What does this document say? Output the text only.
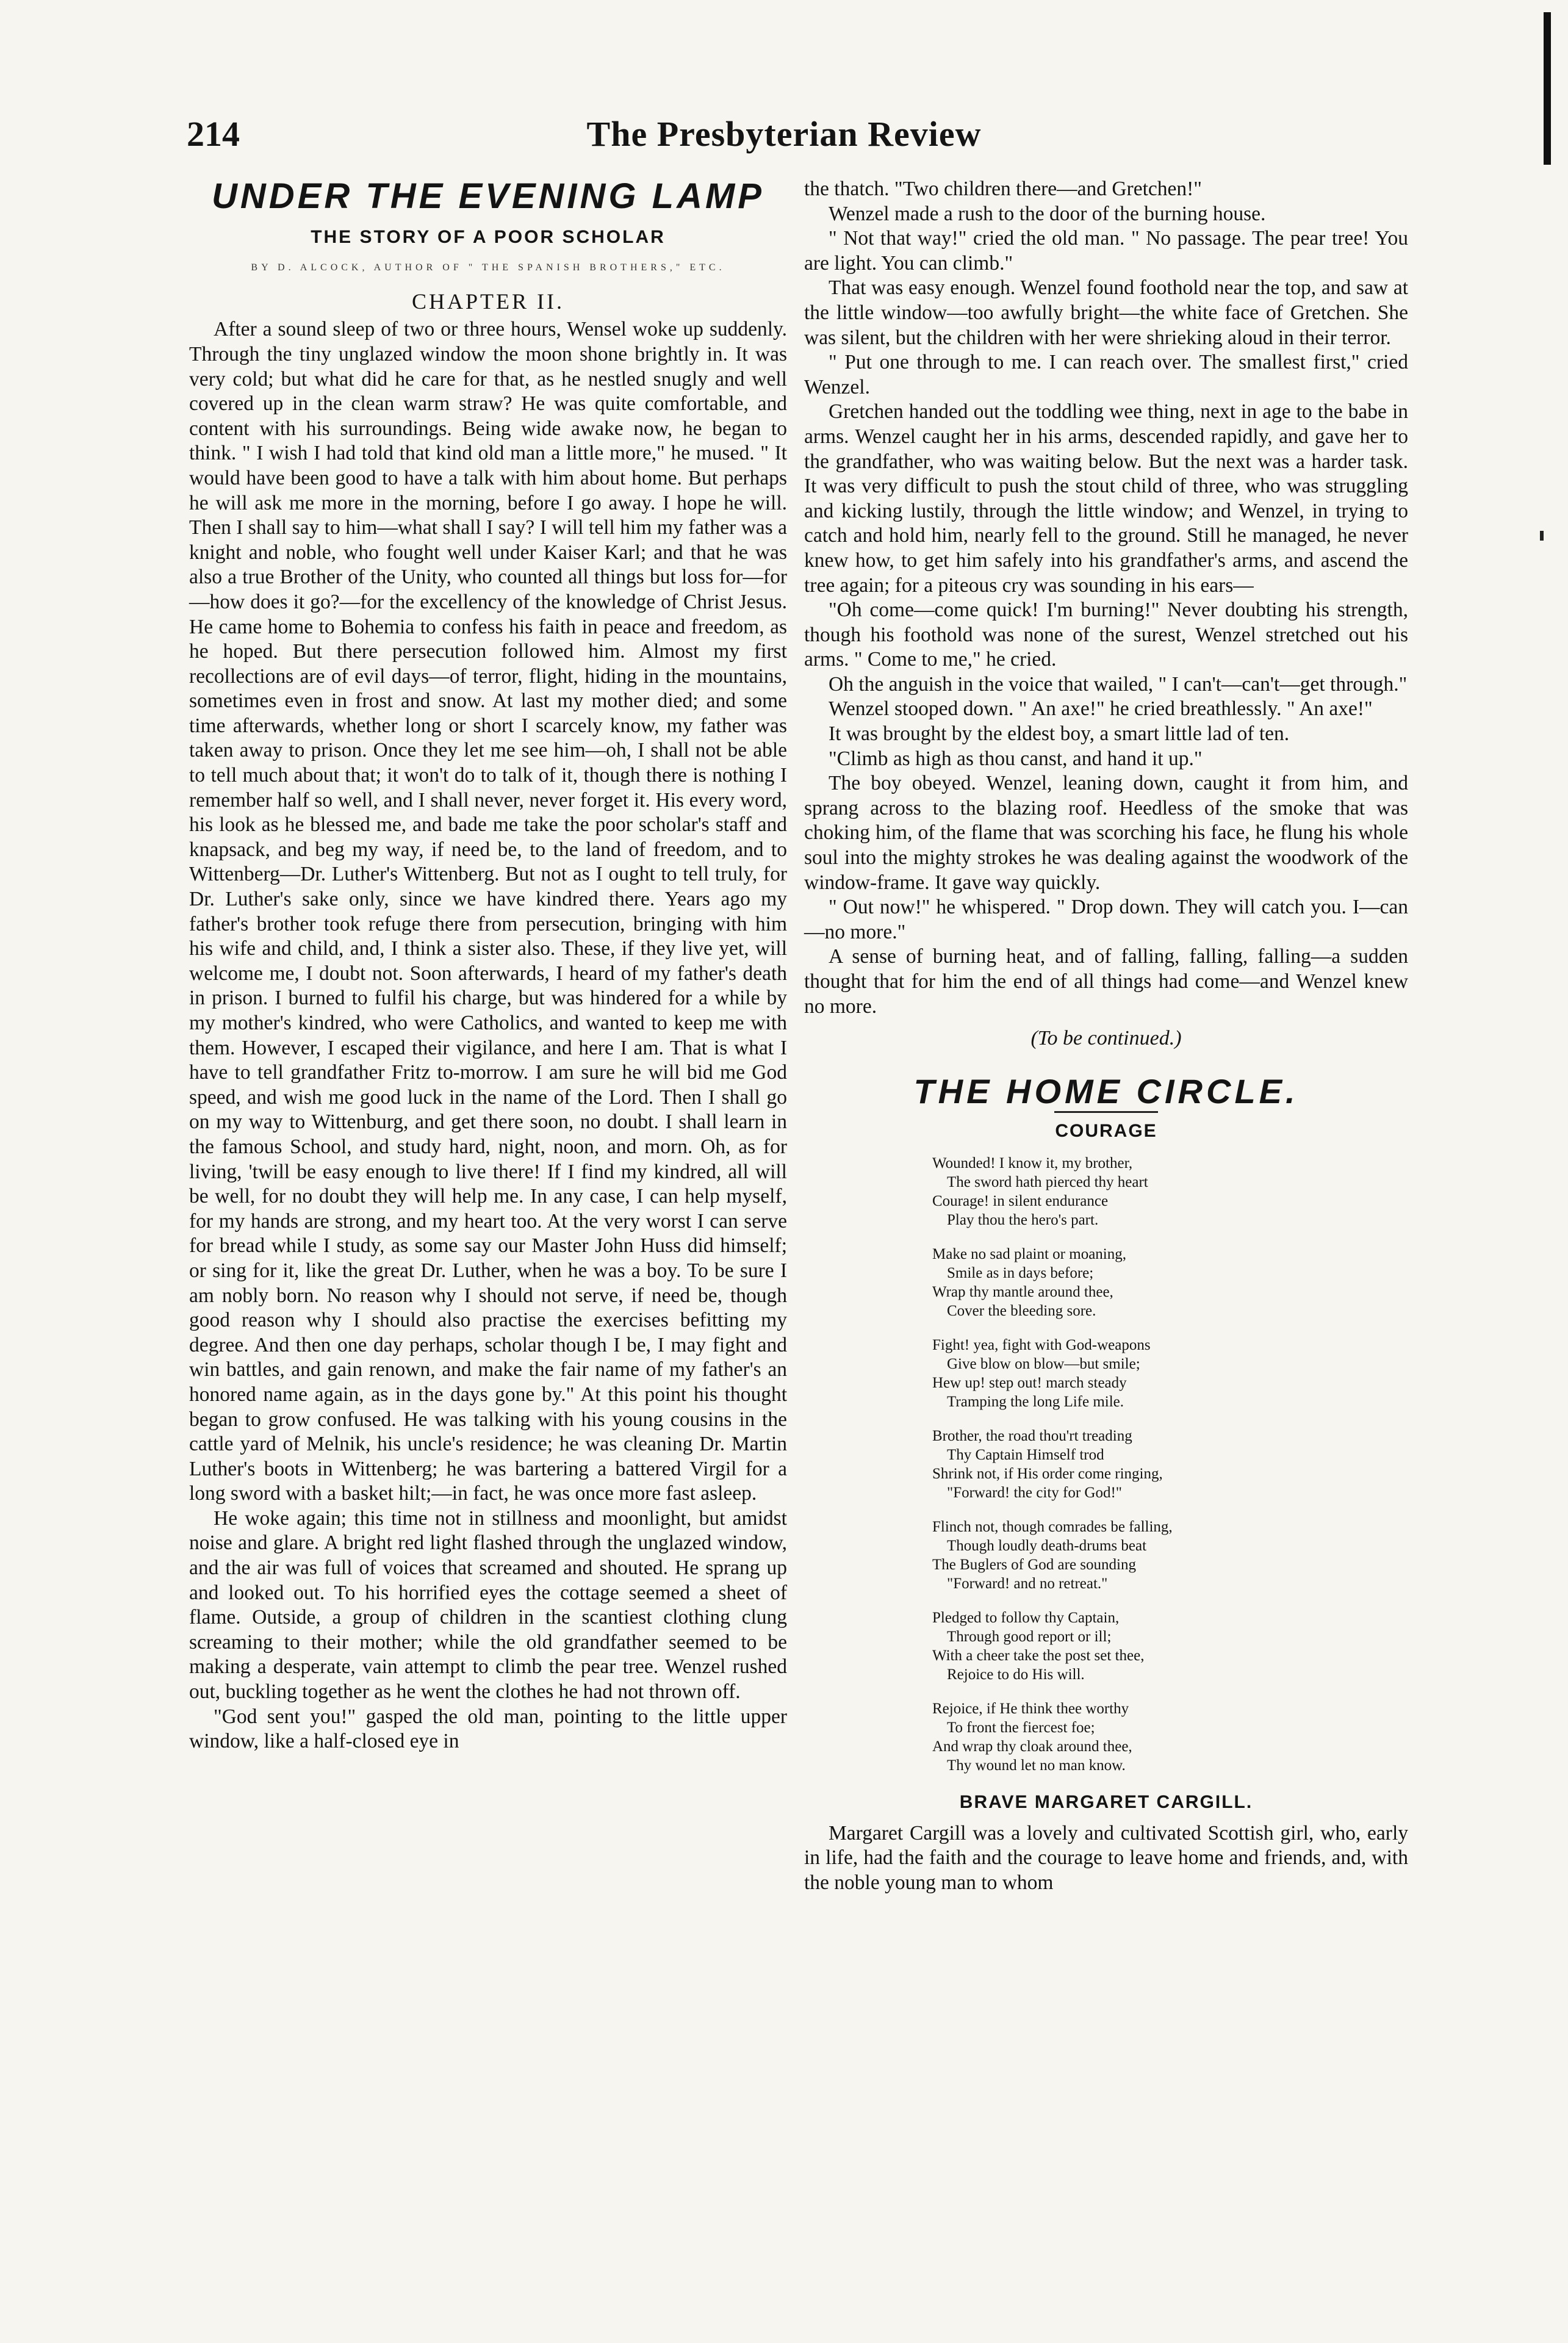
214	The Presbyterian Review
UNDER THE EVENING LAMP
THE STORY OF A POOR SCHOLAR
BY D. ALCOCK, AUTHOR OF " THE SPANISH BROTHERS," ETC.
CHAPTER II.

After a sound sleep of two or three hours, Wensel woke up suddenly. Through the tiny unglazed window the moon shone brightly in. It was very cold; but what did he care for that, as he nestled snugly and well covered up in the clean warm straw? He was quite comfortable, and content with his surroundings. Being wide awake now, he began to think. " I wish I had told that kind old man a little more," he mused. " It would have been good to have a talk with him about home. But perhaps he will ask me more in the morning, before I go away. I hope he will. Then I shall say to him—what shall I say? I will tell him my father was a knight and noble, who fought well under Kaiser Karl; and that he was also a true Brother of the Unity, who counted all things but loss for—for—how does it go?—for the excellency of the knowledge of Christ Jesus. He came home to Bohemia to confess his faith in peace and freedom, as he hoped. But there persecution followed him. Almost my first recollections are of evil days—of terror, flight, hiding in the mountains, sometimes even in frost and snow. At last my mother died; and some time afterwards, whether long or short I scarcely know, my father was taken away to prison. Once they let me see him—oh, I shall not be able to tell much about that; it won't do to talk of it, though there is nothing I remember half so well, and I shall never, never forget it. His every word, his look as he blessed me, and bade me take the poor scholar's staff and knapsack, and beg my way, if need be, to the land of freedom, and to Wittenberg—Dr. Luther's Wittenberg. But not as I ought to tell truly, for Dr. Luther's sake only, since we have kindred there. Years ago my father's brother took refuge there from persecution, bringing with him his wife and child, and, I think a sister also. These, if they live yet, will welcome me, I doubt not. Soon afterwards, I heard of my father's death in prison. I burned to fulfil his charge, but was hindered for a while by my mother's kindred, who were Catholics, and wanted to keep me with them. However, I escaped their vigilance, and here I am. That is what I have to tell grandfather Fritz to-morrow. I am sure he will bid me God speed, and wish me good luck in the name of the Lord. Then I shall go on my way to Wittenburg, and get there soon, no doubt. I shall learn in the famous School, and study hard, night, noon, and morn. Oh, as for living, 'twill be easy enough to live there! If I find my kindred, all will be well, for no doubt they will help me. In any case, I can help myself, for my hands are strong, and my heart too. At the very worst I can serve for bread while I study, as some say our Master John Huss did himself; or sing for it, like the great Dr. Luther, when he was a boy. To be sure I am nobly born. No reason why I should not serve, if need be, though good reason why I should also practise the exercises befitting my degree. And then one day perhaps, scholar though I be, I may fight and win battles, and gain renown, and make the fair name of my father's an honored name again, as in the days gone by." At this point his thought began to grow confused. He was talking with his young cousins in the cattle yard of Melnik, his uncle's residence; he was cleaning Dr. Martin Luther's boots in Wittenberg; he was bartering a battered Virgil for a long sword with a basket hilt;—in fact, he was once more fast asleep.

He woke again; this time not in stillness and moonlight, but amidst noise and glare. A bright red light flashed through the unglazed window, and the air was full of voices that screamed and shouted. He sprang up and looked out. To his horrified eyes the cottage seemed a sheet of flame. Outside, a group of children in the scantiest clothing clung screaming to their mother; while the old grandfather seemed to be making a desperate, vain attempt to climb the pear tree. Wenzel rushed out, buckling together as he went the clothes he had not thrown off.

"God sent you!" gasped the old man, pointing to the little upper window, like a half-closed eye in

the thatch. "Two children there—and Gretchen!"

Wenzel made a rush to the door of the burning house.

" Not that way!" cried the old man. " No passage. The pear tree! You are light. You can climb."

That was easy enough. Wenzel found foothold near the top, and saw at the little window—too awfully bright—the white face of Gretchen. She was silent, but the children with her were shrieking aloud in their terror.

" Put one through to me. I can reach over. The smallest first," cried Wenzel.

Gretchen handed out the toddling wee thing, next in age to the babe in arms. Wenzel caught her in his arms, descended rapidly, and gave her to the grandfather, who was waiting below. But the next was a harder task. It was very difficult to push the stout child of three, who was struggling and kicking lustily, through the little window; and Wenzel, in trying to catch and hold him, nearly fell to the ground. Still he managed, he never knew how, to get him safely into his grandfather's arms, and ascend the tree again; for a piteous cry was sounding in his ears—

"Oh come—come quick! I'm burning!" Never doubting his strength, though his foothold was none of the surest, Wenzel stretched out his arms. " Come to me," he cried.

Oh the anguish in the voice that wailed, " I can't—can't—get through."

Wenzel stooped down. " An axe!" he cried breathlessly. " An axe!"

It was brought by the eldest boy, a smart little lad of ten.

"Climb as high as thou canst, and hand it up."

The boy obeyed. Wenzel, leaning down, caught it from him, and sprang across to the blazing roof. Heedless of the smoke that was choking him, of the flame that was scorching his face, he flung his whole soul into the mighty strokes he was dealing against the woodwork of the window-frame. It gave way quickly.

" Out now!" he whispered. " Drop down. They will catch you. I—can—no more."

A sense of burning heat, and of falling, falling, falling—a sudden thought that for him the end of all things had come—and Wenzel knew no more.

(To be continued.)
THE HOME CIRCLE.
COURAGE
Wounded! I know it, my brother,
The sword hath pierced thy heart
Courage! in silent endurance
Play thou the hero's part.
Make no sad plaint or moaning,
Smile as in days before;
Wrap thy mantle around thee,
Cover the bleeding sore.
Fight! yea, fight with God-weapons
Give blow on blow—but smile;
Hew up! step out! march steady
Tramping the long Life mile.
Brother, the road thou'rt treading
Thy Captain Himself trod
Shrink not, if His order come ringing,
"Forward! the city for God!"
Flinch not, though comrades be falling,
Though loudly death-drums beat
The Buglers of God are sounding
"Forward! and no retreat."
Pledged to follow thy Captain,
Through good report or ill;
With a cheer take the post set thee,
Rejoice to do His will.
Rejoice, if He think thee worthy
To front the fiercest foe;
And wrap thy cloak around thee,
Thy wound let no man know.
BRAVE MARGARET CARGILL.

Margaret Cargill was a lovely and cultivated Scottish girl, who, early in life, had the faith and the courage to leave home and friends, and, with the noble young man to whom
